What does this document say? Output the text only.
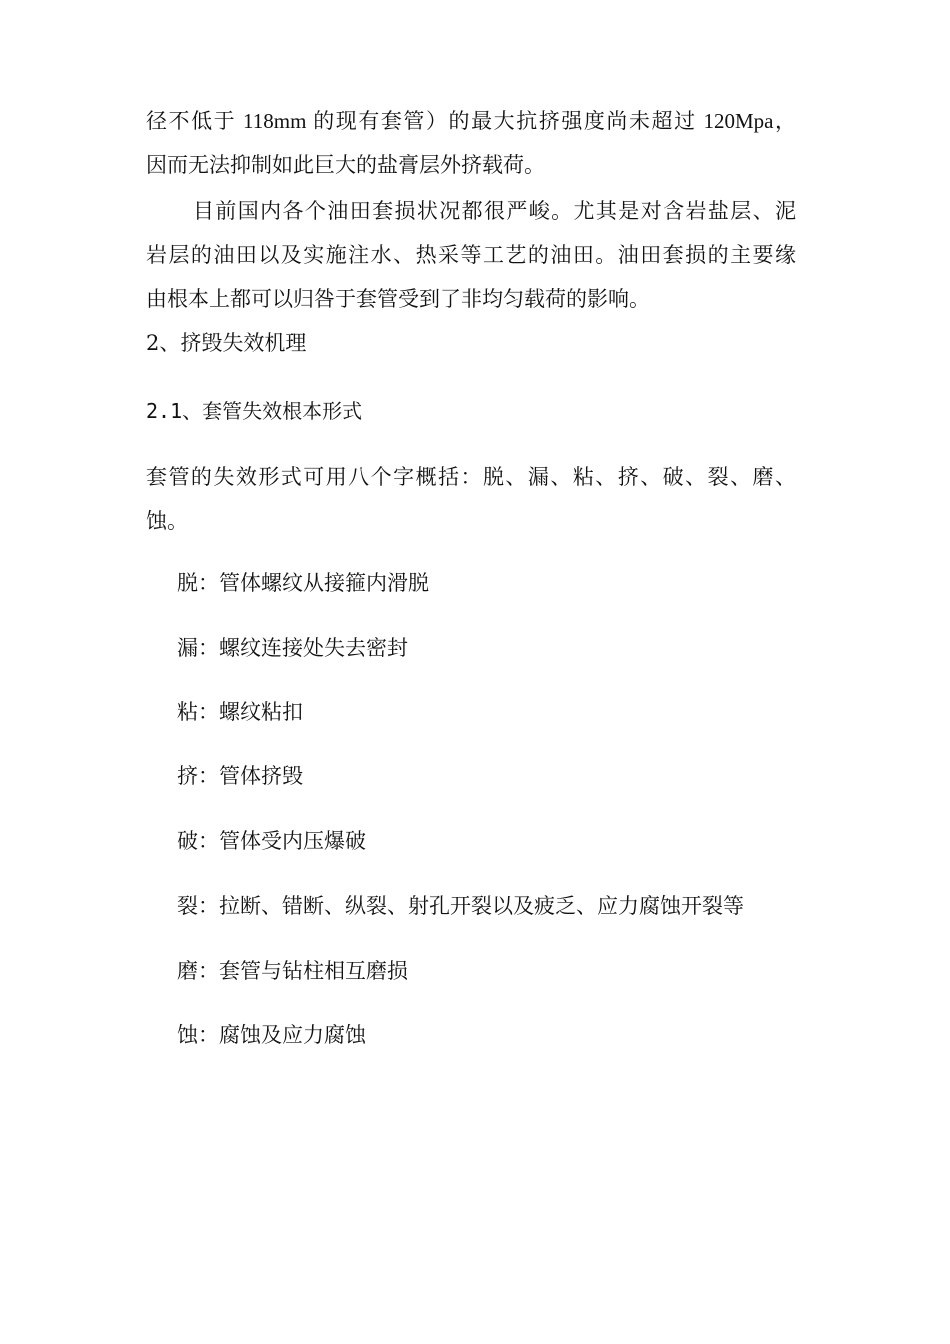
径不低于 118mm 的现有套管）的最大抗挤强度尚未超过 120Mpa，
因而无法抑制如此巨大的盐膏层外挤载荷。
目前国内各个油田套损状况都很严峻。尤其是对含岩盐层、泥
岩层的油田以及实施注水、热采等工艺的油田。油田套损的主要缘
由根本上都可以归咎于套管受到了非均匀载荷的影响。
2、挤毁失效机理
2.1、套管失效根本形式
套管的失效形式可用八个字概括：脱、漏、粘、挤、破、裂、磨、
蚀。
脱：管体螺纹从接箍内滑脱
漏：螺纹连接处失去密封
粘：螺纹粘扣
挤：管体挤毁
破：管体受内压爆破
裂：拉断、错断、纵裂、射孔开裂以及疲乏、应力腐蚀开裂等
磨：套管与钻柱相互磨损
蚀：腐蚀及应力腐蚀
